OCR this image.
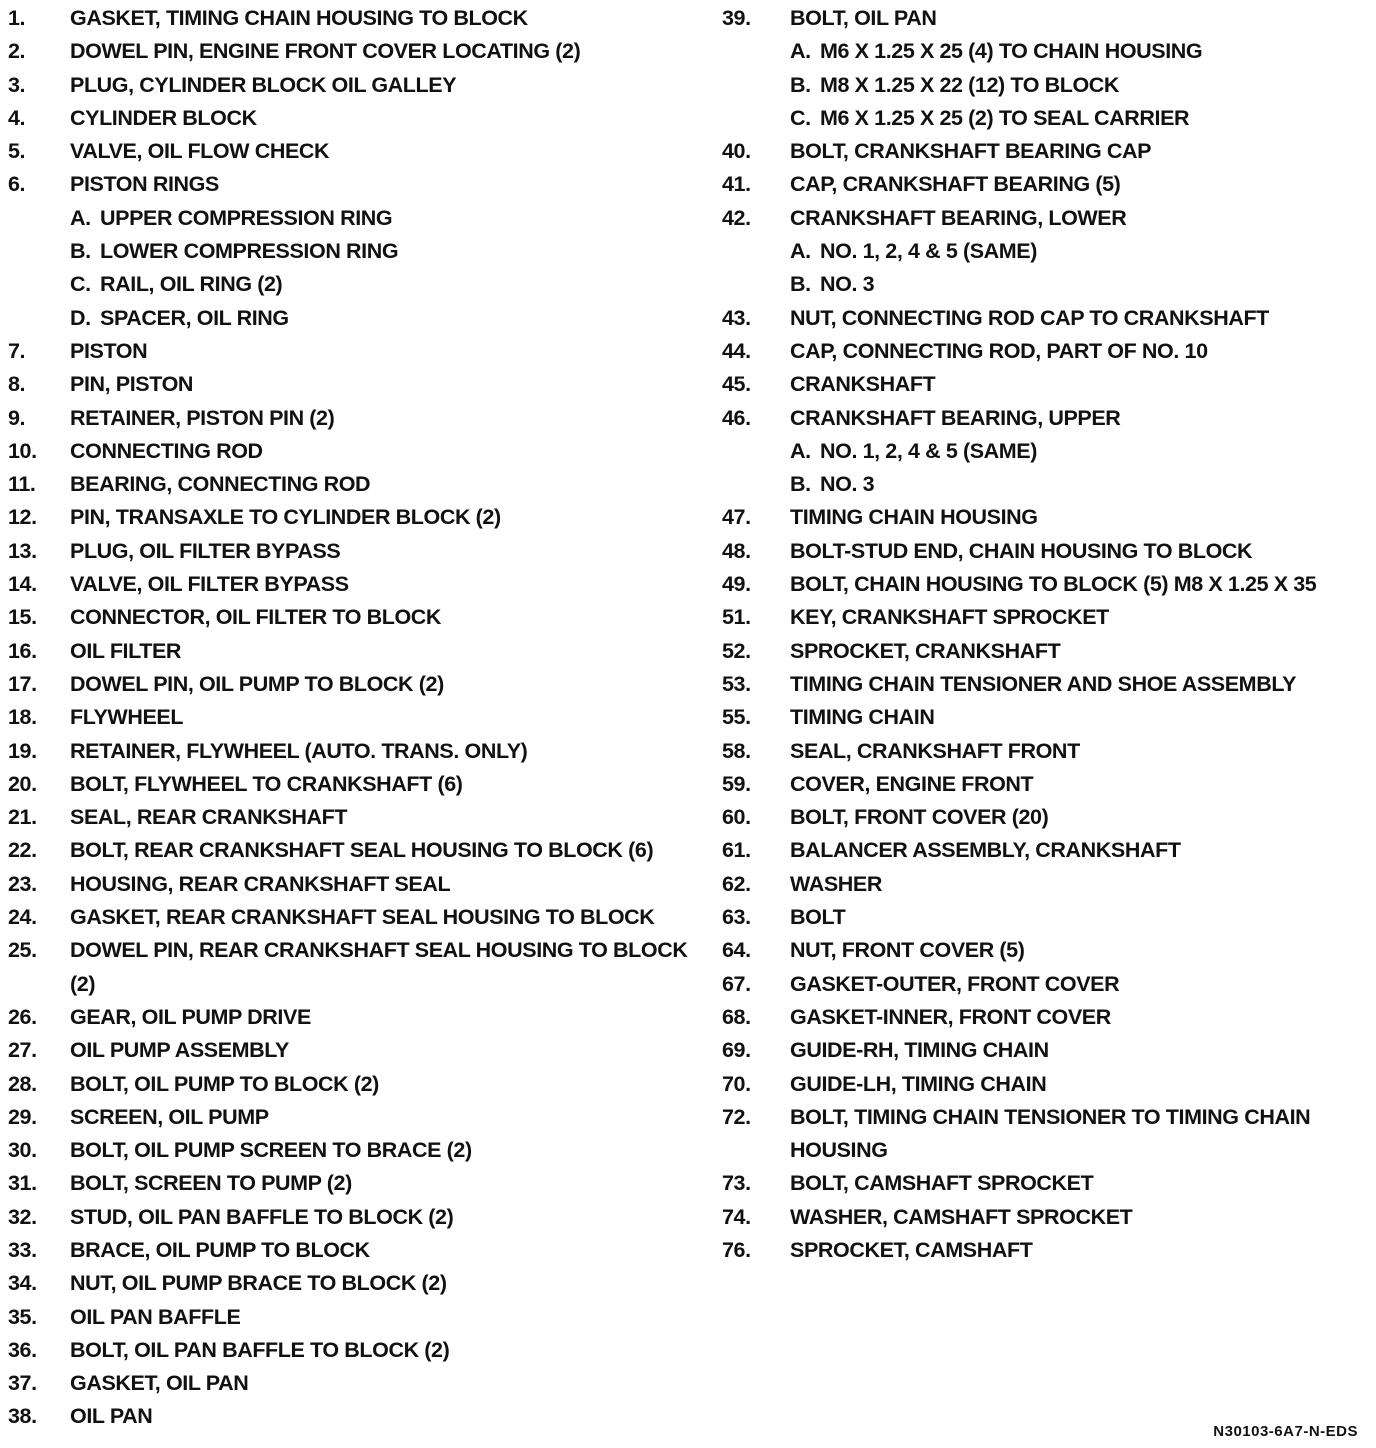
1.	GASKET, TIMING CHAIN HOUSING TO BLOCK
2.	DOWEL PIN, ENGINE FRONT COVER LOCATING (2)
3.	PLUG, CYLINDER BLOCK OIL GALLEY
4.	CYLINDER BLOCK
5.	VALVE, OIL FLOW CHECK
6.	PISTON RINGS
A. UPPER COMPRESSION RING
B. LOWER COMPRESSION RING
C. RAIL, OIL RING (2)
D. SPACER, OIL RING
7.	PISTON
8.	PIN, PISTON
9.	RETAINER, PISTON PIN (2)
10.	CONNECTING ROD
11.	BEARING, CONNECTING ROD
12.	PIN, TRANSAXLE TO CYLINDER BLOCK (2)
13.	PLUG, OIL FILTER BYPASS
14.	VALVE, OIL FILTER BYPASS
15.	CONNECTOR, OIL FILTER TO BLOCK
16.	OIL FILTER
17.	DOWEL PIN, OIL PUMP TO BLOCK (2)
18.	FLYWHEEL
19.	RETAINER, FLYWHEEL (AUTO. TRANS. ONLY)
20.	BOLT, FLYWHEEL TO CRANKSHAFT (6)
21.	SEAL, REAR CRANKSHAFT
22.	BOLT, REAR CRANKSHAFT SEAL HOUSING TO BLOCK (6)
23.	HOUSING, REAR CRANKSHAFT SEAL
24.	GASKET, REAR CRANKSHAFT SEAL HOUSING TO BLOCK
25.	DOWEL PIN, REAR CRANKSHAFT SEAL HOUSING TO BLOCK (2)
26.	GEAR, OIL PUMP DRIVE
27.	OIL PUMP ASSEMBLY
28.	BOLT, OIL PUMP TO BLOCK (2)
29.	SCREEN, OIL PUMP
30.	BOLT, OIL PUMP SCREEN TO BRACE (2)
31.	BOLT, SCREEN TO PUMP (2)
32.	STUD, OIL PAN BAFFLE TO BLOCK (2)
33.	BRACE, OIL PUMP TO BLOCK
34.	NUT, OIL PUMP BRACE TO BLOCK (2)
35.	OIL PAN BAFFLE
36.	BOLT, OIL PAN BAFFLE TO BLOCK (2)
37.	GASKET, OIL PAN
38.	OIL PAN
39.	BOLT, OIL PAN
A. M6 X 1.25 X 25 (4) TO CHAIN HOUSING
B. M8 X 1.25 X 22 (12) TO BLOCK
C. M6 X 1.25 X 25 (2) TO SEAL CARRIER
40.	BOLT, CRANKSHAFT BEARING CAP
41.	CAP, CRANKSHAFT BEARING (5)
42.	CRANKSHAFT BEARING, LOWER
A. NO. 1, 2, 4 & 5 (SAME)
B. NO. 3
43.	NUT, CONNECTING ROD CAP TO CRANKSHAFT
44.	CAP, CONNECTING ROD, PART OF NO. 10
45.	CRANKSHAFT
46.	CRANKSHAFT BEARING, UPPER
A. NO. 1, 2, 4 & 5 (SAME)
B. NO. 3
47.	TIMING CHAIN HOUSING
48.	BOLT-STUD END, CHAIN HOUSING TO BLOCK
49.	BOLT, CHAIN HOUSING TO BLOCK (5) M8 X 1.25 X 35
51.	KEY, CRANKSHAFT SPROCKET
52.	SPROCKET, CRANKSHAFT
53.	TIMING CHAIN TENSIONER AND SHOE ASSEMBLY
55.	TIMING CHAIN
58.	SEAL, CRANKSHAFT FRONT
59.	COVER, ENGINE FRONT
60.	BOLT, FRONT COVER (20)
61.	BALANCER ASSEMBLY, CRANKSHAFT
62.	WASHER
63.	BOLT
64.	NUT, FRONT COVER (5)
67.	GASKET-OUTER, FRONT COVER
68.	GASKET-INNER, FRONT COVER
69.	GUIDE-RH, TIMING CHAIN
70.	GUIDE-LH, TIMING CHAIN
72.	BOLT, TIMING CHAIN TENSIONER TO TIMING CHAIN HOUSING
73.	BOLT, CAMSHAFT SPROCKET
74.	WASHER, CAMSHAFT SPROCKET
76.	SPROCKET, CAMSHAFT
N30103-6A7-N-EDS
